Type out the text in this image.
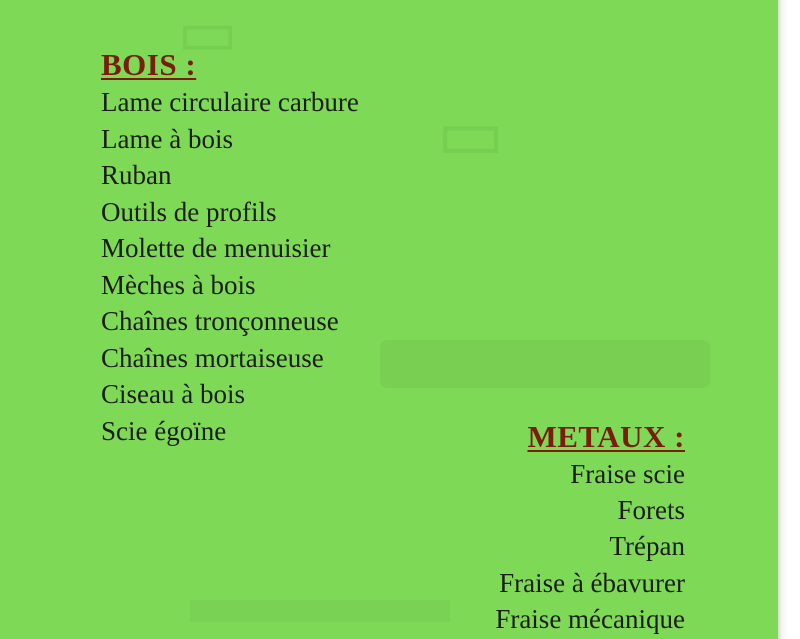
▯
▯
BOIS :
Lame circulaire carbure
Lame à bois
Ruban
Outils de profils
Molette de menuisier
Mèches à bois
Chaînes tronçonneuse
Chaînes mortaiseuse
Ciseau à bois
Scie égoïne	METAUX :
Fraise scie
Forets
Trépan
Fraise à ébavurer
Fraise mécanique
